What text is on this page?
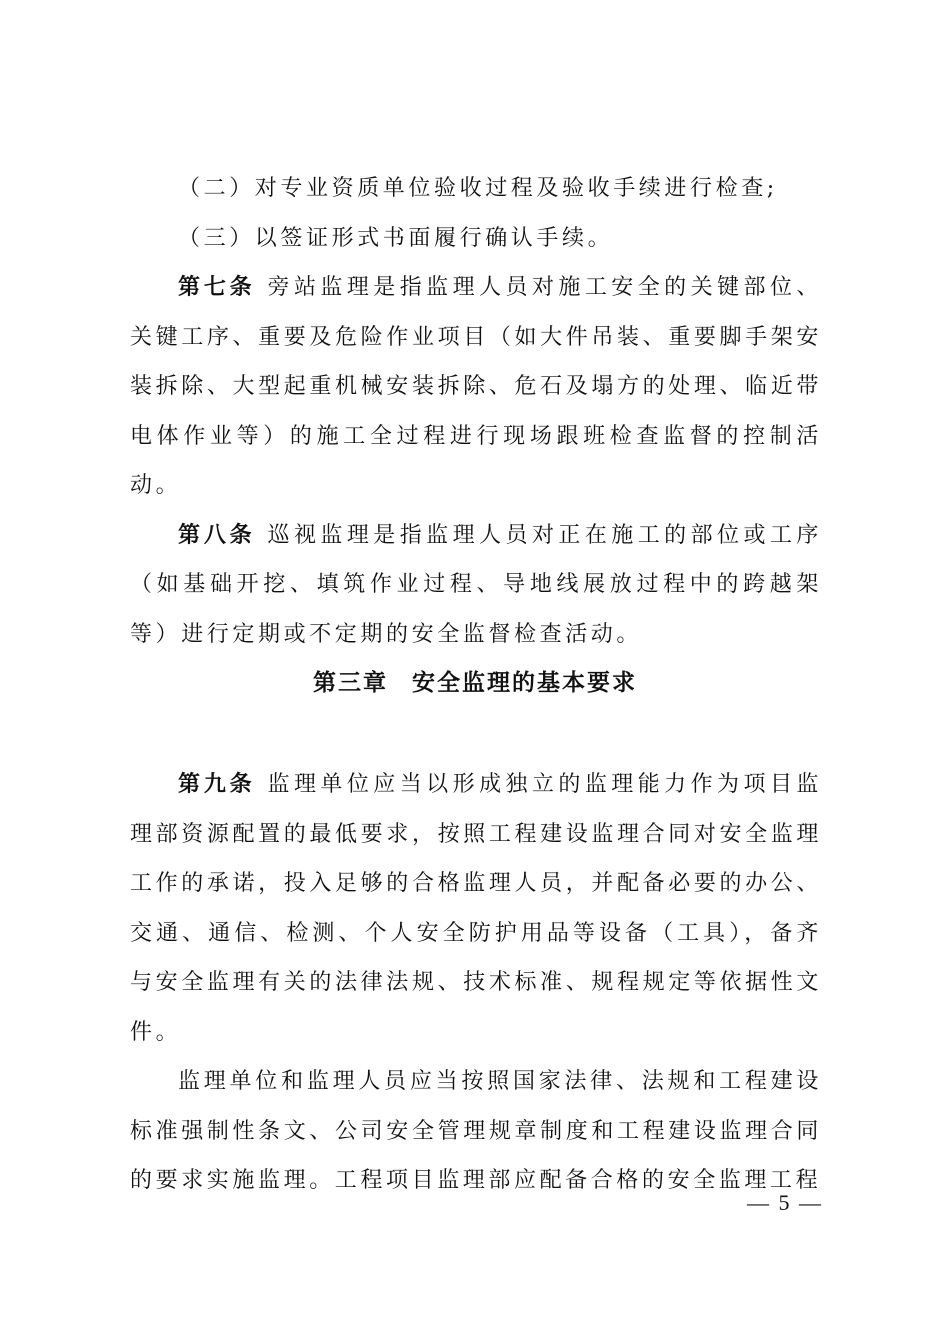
（二）对专业资质单位验收过程及验收手续进行检查;

（三）以签证形式书面履行确认手续。

第七条 旁站监理是指监理人员对施工安全的关键部位、关键工序、重要及危险作业项目（如大件吊装、重要脚手架安装拆除、大型起重机械安装拆除、危石及塌方的处理、临近带电体作业等）的施工全过程进行现场跟班检查监督的控制活动。

第八条 巡视监理是指监理人员对正在施工的部位或工序（如基础开挖、填筑作业过程、导地线展放过程中的跨越架等）进行定期或不定期的安全监督检查活动。

第三章 安全监理的基本要求

第九条 监理单位应当以形成独立的监理能力作为项目监理部资源配置的最低要求，按照工程建设监理合同对安全监理工作的承诺，投入足够的合格监理人员，并配备必要的办公、交通、通信、检测、个人安全防护用品等设备（工具），备齐与安全监理有关的法律法规、技术标准、规程规定等依据性文件。

监理单位和监理人员应当按照国家法律、法规和工程建设标准强制性条文、公司安全管理规章制度和工程建设监理合同的要求实施监理。工程项目监理部应配备合格的安全监理工程

— 5 —
